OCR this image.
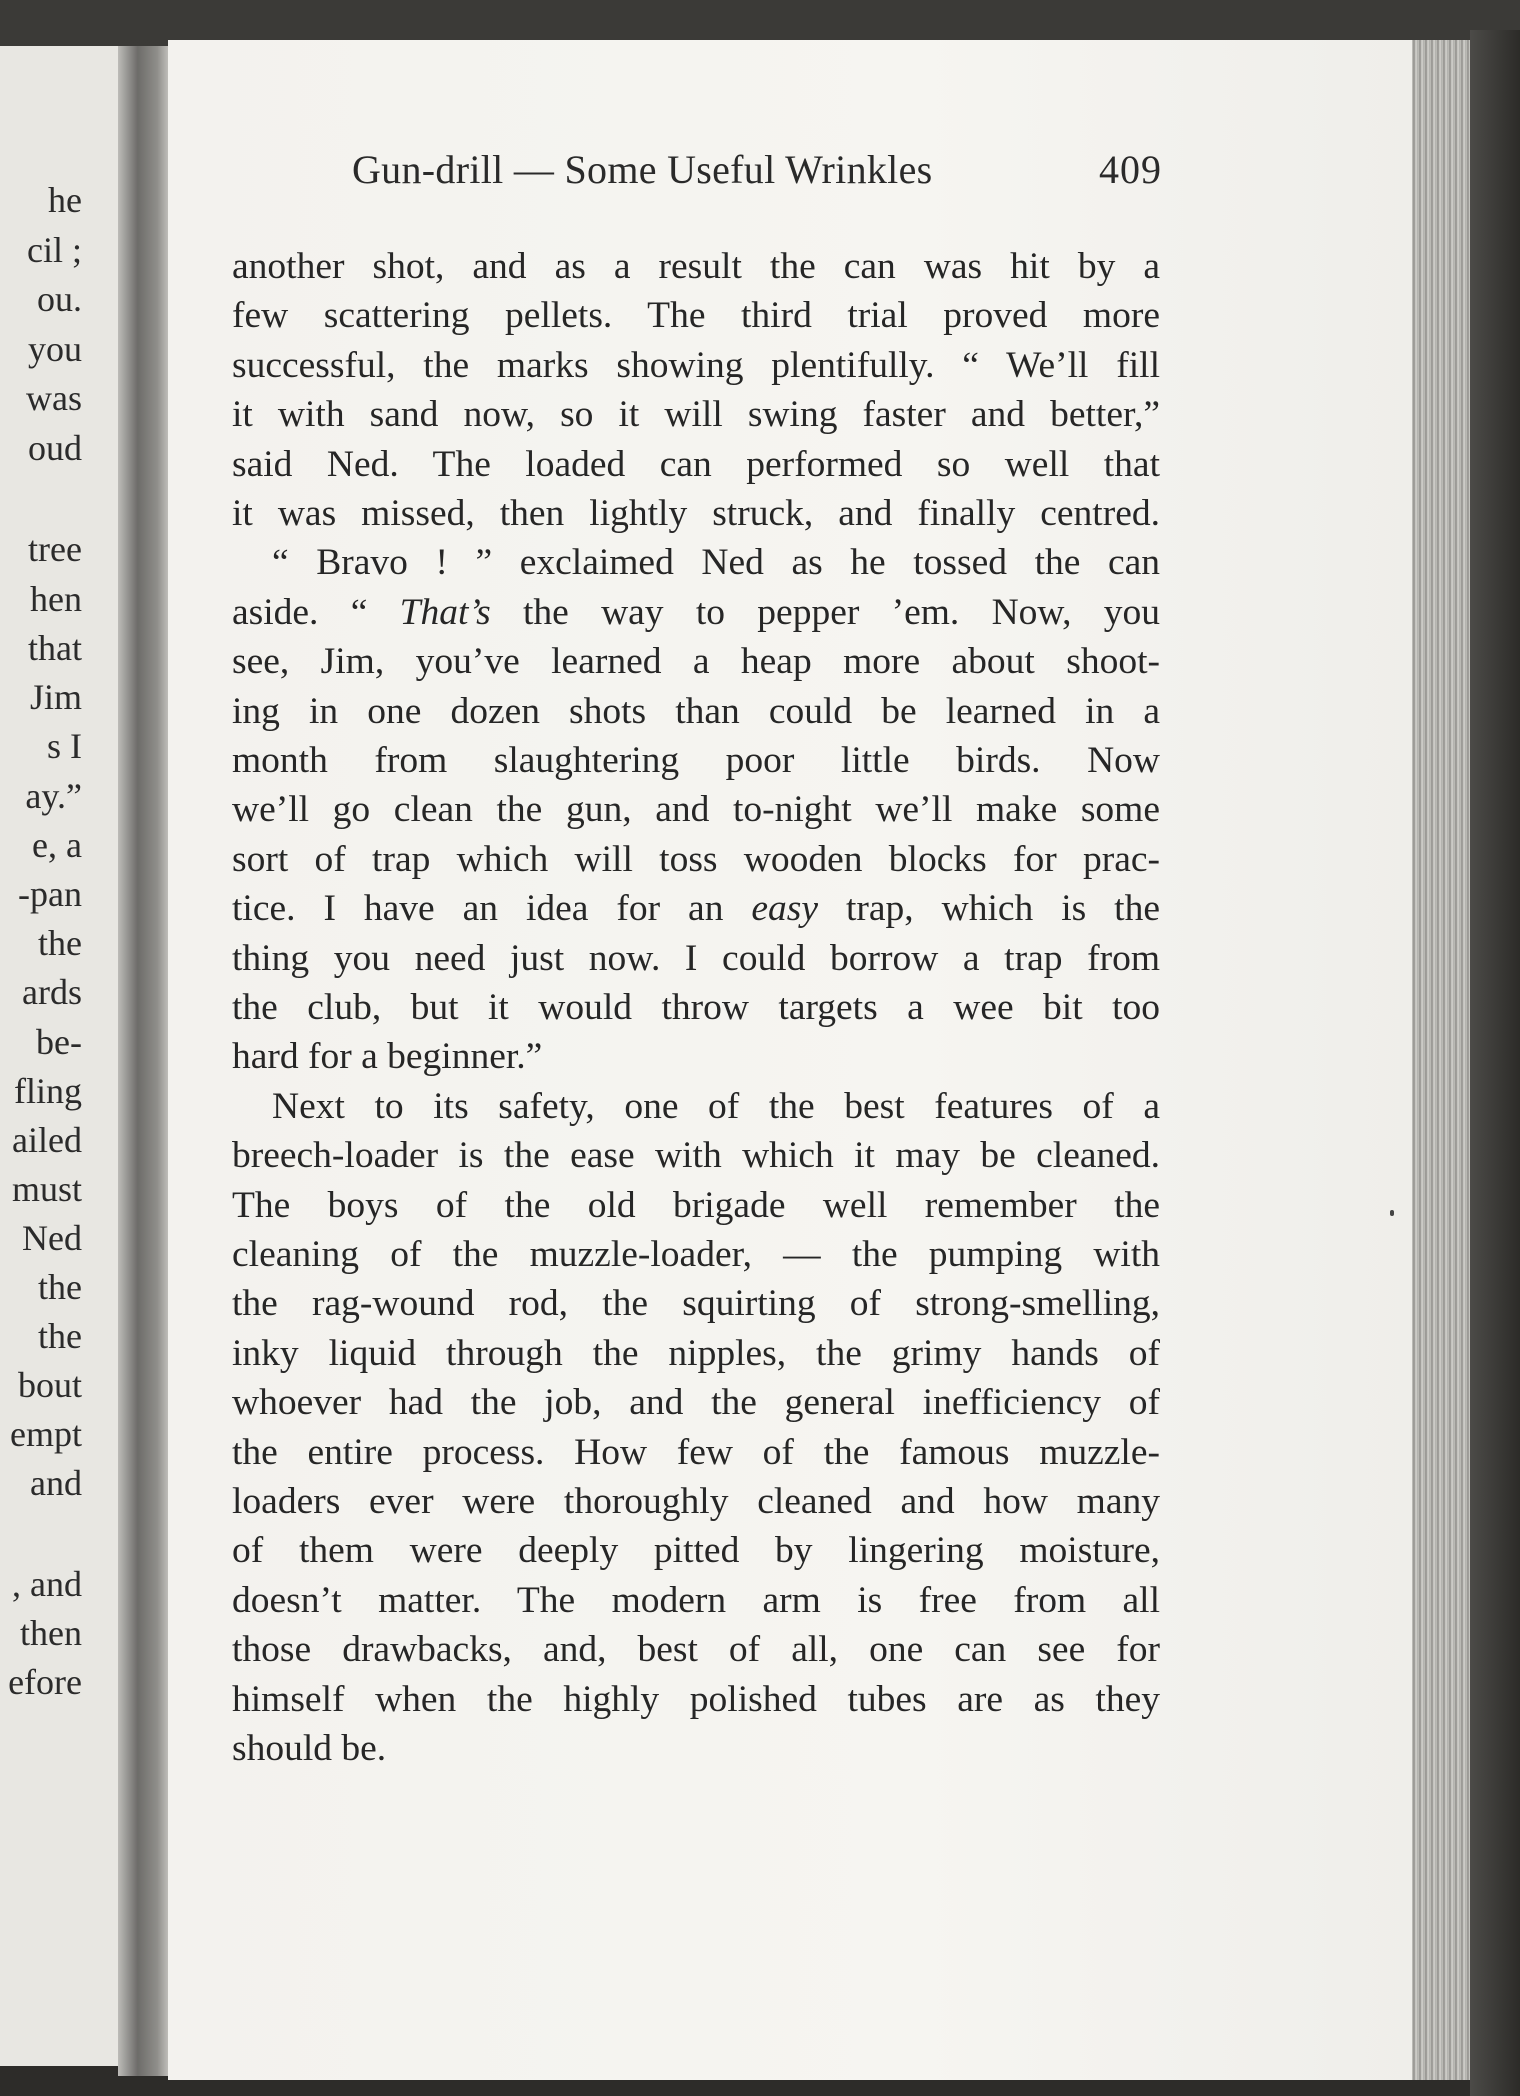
he
cil ;
ou.
you
was
oud
tree
hen
that
Jim
s I
ay.”
e, a
-pan
the
ards
be-
fling
ailed
must
Ned
the
the
bout
empt
and
, and
then
efore
Gun-drill — Some Useful Wrinkles	409
another shot, and as a result the can was hit by a
few scattering pellets. The third trial proved more
successful, the marks showing plentifully. “ We’ll fill
it with sand now, so it will swing faster and better,”
said Ned. The loaded can performed so well that
it was missed, then lightly struck, and finally centred.
“ Bravo ! ” exclaimed Ned as he tossed the can
aside. “ That’s the way to pepper ’em. Now, you
see, Jim, you’ve learned a heap more about shoot-
ing in one dozen shots than could be learned in a
month from slaughtering poor little birds. Now
we’ll go clean the gun, and to-night we’ll make some
sort of trap which will toss wooden blocks for prac-
tice. I have an idea for an easy trap, which is the
thing you need just now. I could borrow a trap from
the club, but it would throw targets a wee bit too
hard for a beginner.”
Next to its safety, one of the best features of a
breech-loader is the ease with which it may be cleaned.
The boys of the old brigade well remember the
cleaning of the muzzle-loader, — the pumping with
the rag-wound rod, the squirting of strong-smelling,
inky liquid through the nipples, the grimy hands of
whoever had the job, and the general inefficiency of
the entire process. How few of the famous muzzle-
loaders ever were thoroughly cleaned and how many
of them were deeply pitted by lingering moisture,
doesn’t matter. The modern arm is free from all
those drawbacks, and, best of all, one can see for
himself when the highly polished tubes are as they
should be.
